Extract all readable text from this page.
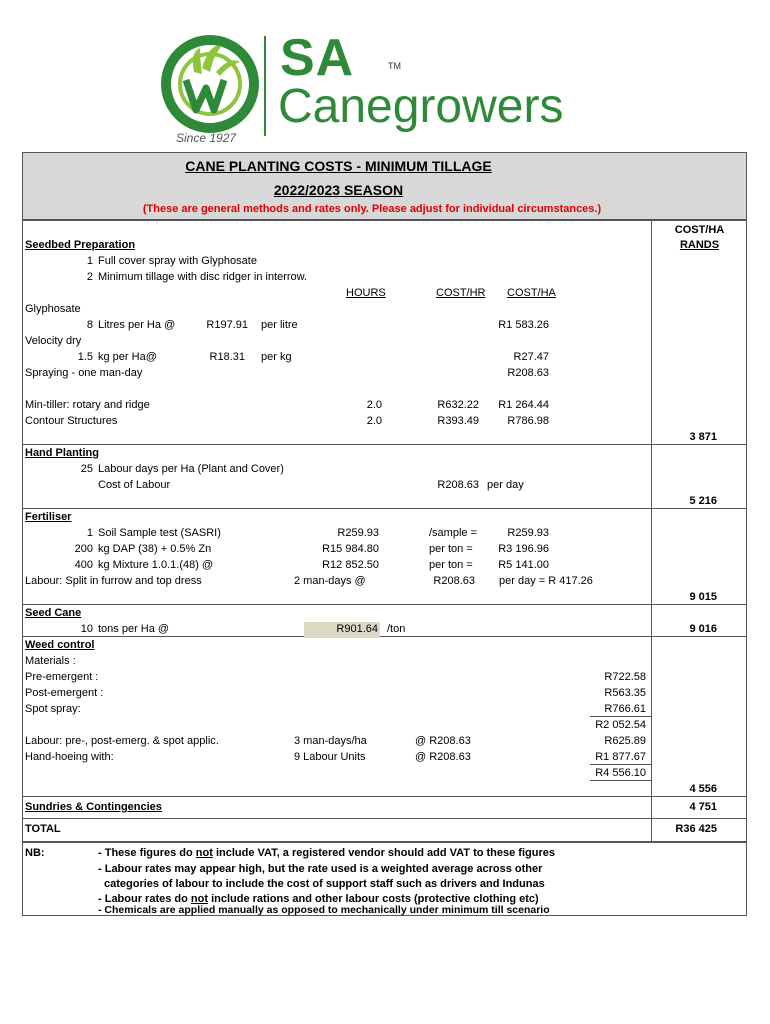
TM
SA
Canegrowers
Since 1927
CANE PLANTING COSTS - MINIMUM TILLAGE
2022/2023 SEASON
(These are general methods and rates only. Please adjust for individual circumstances.)
COST/HA
RANDS
Seedbed Preparation
1 Full cover spray with Glyphosate
2 Minimum tillage with disc ridger in interrow.
HOURS	COST/HR COST/HA
Glyphosate
8 Litres per Ha @	R197.91 per litre	R1 583.26
Velocity dry
1.5 kg per Ha@	R18.31 per kg	R27.47
Spraying - one man-day	R208.63
Min-tiller: rotary and ridge	2.0	R632.22	R1 264.44
Contour Structures	2.0	R393.49	R786.98
3 871
Hand Planting
25 Labour days per Ha (Plant and Cover)
Cost of Labour	R208.63 per day
5 216
Fertiliser
1 Soil Sample test (SASRI)	R259.93	/sample =	R259.93
200 kg DAP (38) + 0.5% Zn	R15 984.80	per ton =	R3 196.96
400 kg Mixture 1.0.1.(48) @	R12 852.50	per ton =	R5 141.00
Labour: Split in furrow and top dress	2 man-days @	R208.63 per day = R 417.26
9 015
Seed Cane
10 tons per Ha @	R901.64 /ton	9 016
Weed control
Materials :
Pre-emergent :	R722.58
Post-emergent :	R563.35
Spot spray:	R766.61
R2 052.54
Labour: pre-, post-emerg. & spot applic.	3 man-days/ha	@ R208.63	R625.89
Hand-hoeing with:	9 Labour Units	@ R208.63	R1 877.67
R4 556.10
4 556
Sundries & Contingencies	4 751
TOTAL	R36 425
NB:	- These figures do not include VAT, a registered vendor should add VAT to these figures
- Labour rates may appear high, but the rate used is a weighted average across other
categories of labour to include the cost of support staff such as drivers and Indunas
- Labour rates do not include rations and other labour costs (protective clothing etc)
- Chemicals are applied manually as opposed to mechanically under minimum till scenario
